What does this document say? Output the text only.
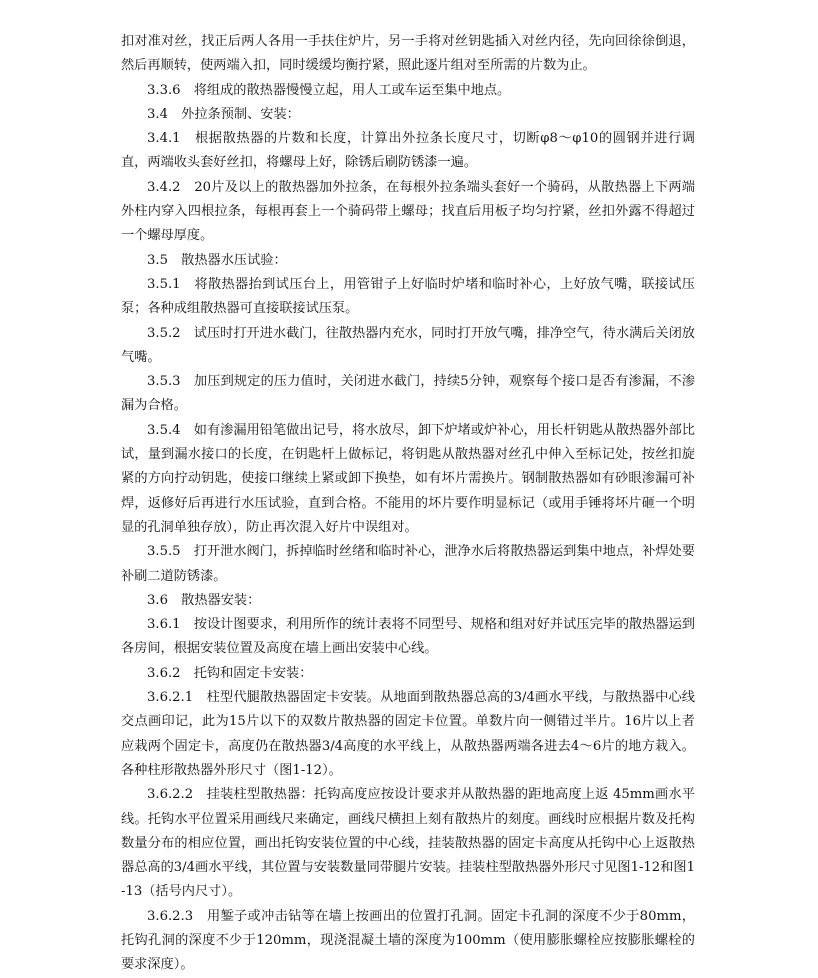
扣对准对丝，找正后两人各用一手扶住炉片，另一手将对丝钥匙插入对丝内径，先向回徐徐倒退，然后再顺转，使两端入扣，同时缓缓均衡拧紧，照此逐片组对至所需的片数为止。

3.3.6　将组成的散热器慢慢立起，用人工或车运至集中地点。

3.4　外拉条预制、安装：

3.4.1　根据散热器的片数和长度，计算出外拉条长度尺寸，切断φ8～φ10的圆钢并进行调直，两端收头套好丝扣，将螺母上好，除锈后刷防锈漆一遍。

3.4.2　20片及以上的散热器加外拉条，在每根外拉条端头套好一个骑码，从散热器上下两端外柱内穿入四根拉条，每根再套上一个骑码带上螺母；找直后用板子均匀拧紧，丝扣外露不得超过一个螺母厚度。

3.5　散热器水压试验：

3.5.1　将散热器抬到试压台上，用管钳子上好临时炉堵和临时补心，上好放气嘴，联接试压泵；各种成组散热器可直接联接试压泵。

3.5.2　试压时打开进水截门，往散热器内充水，同时打开放气嘴，排净空气，待水满后关闭放气嘴。

3.5.3　加压到规定的压力值时，关闭进水截门，持续5分钟，观察每个接口是否有渗漏，不渗漏为合格。

3.5.4　如有渗漏用铅笔做出记号，将水放尽，卸下炉堵或炉补心，用长杆钥匙从散热器外部比试，量到漏水接口的长度，在钥匙杆上做标记，将钥匙从散热器对丝孔中伸入至标记处，按丝扣旋紧的方向拧动钥匙，使接口继续上紧或卸下换垫，如有坏片需换片。钢制散热器如有砂眼渗漏可补焊，返修好后再进行水压试验，直到合格。不能用的坏片要作明显标记（或用手锤将坏片砸一个明显的孔洞单独存放），防止再次混入好片中误组对。

3.5.5　打开泄水阀门，拆掉临时丝绪和临时补心，泄净水后将散热器运到集中地点，补焊处要补刷二道防锈漆。

3.6　散热器安装：

3.6.1　按设计图要求，利用所作的统计表将不同型号、规格和组对好并试压完毕的散热器运到各房间，根据安装位置及高度在墙上画出安装中心线。

3.6.2　托钩和固定卡安装：

3.6.2.1　柱型代腿散热器固定卡安装。从地面到散热器总高的3/4画水平线，与散热器中心线交点画印记，此为15片以下的双数片散热器的固定卡位置。单数片向一侧错过半片。16片以上者应栽两个固定卡，高度仍在散热器3/4高度的水平线上，从散热器两端各进去4～6片的地方栽入。各种柱形散热器外形尺寸（图1-12）。

3.6.2.2　挂装柱型散热器：托钩高度应按设计要求并从散热器的距地高度上返 45mm画水平线。托钩水平位置采用画线尺来确定，画线尺横担上刻有散热片的刻度。画线时应根据片数及托构数量分布的相应位置，画出托钩安装位置的中心线，挂装散热器的固定卡高度从托钩中心上返散热器总高的3/4画水平线，其位置与安装数量同带腿片安装。挂装柱型散热器外形尺寸见图1-12和图1-13（括号内尺寸）。

3.6.2.3　用錾子或冲击钻等在墙上按画出的位置打孔洞。固定卡孔洞的深度不少于80mm，托钩孔洞的深度不少于120mm，现浇混凝土墙的深度为100mm（使用膨胀螺栓应按膨胀螺栓的要求深度）。
